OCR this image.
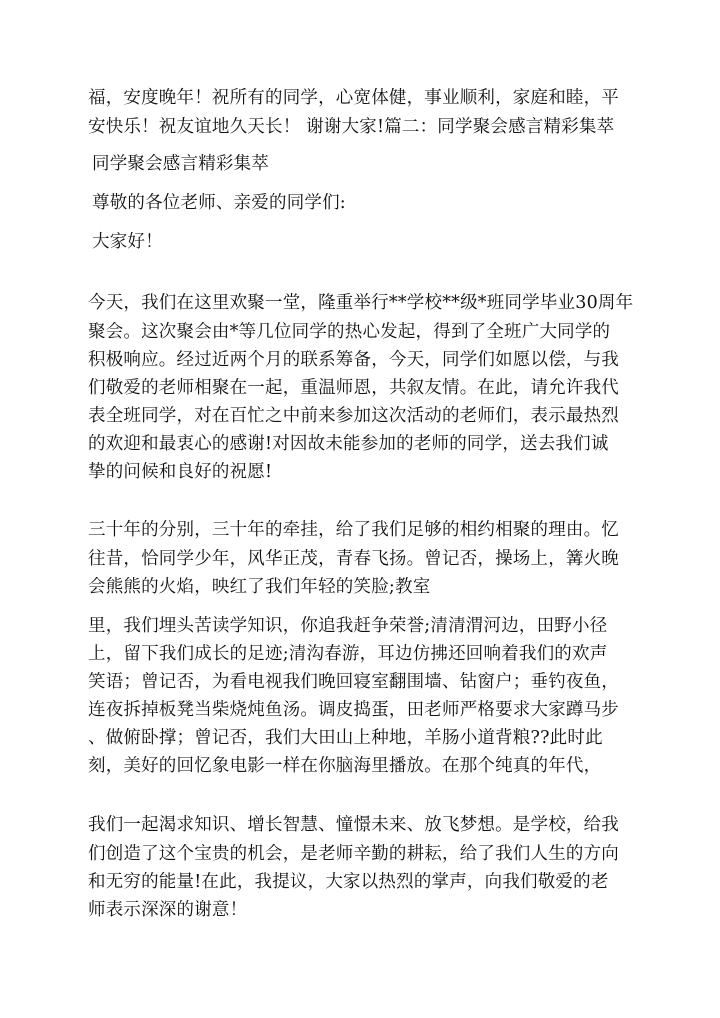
福，安度晚年！祝所有的同学，心宽体健，事业顺利，家庭和睦，平
安快乐！祝友谊地久天长！ 谢谢大家!篇二：同学聚会感言精彩集萃
同学聚会感言精彩集萃
尊敬的各位老师、亲爱的同学们:
大家好！
今天，我们在这里欢聚一堂，隆重举行**学校**级*班同学毕业30周年
聚会。这次聚会由*等几位同学的热心发起，得到了全班广大同学的
积极响应。经过近两个月的联系筹备，今天，同学们如愿以偿，与我
们敬爱的老师相聚在一起，重温师恩，共叙友情。在此，请允许我代
表全班同学，对在百忙之中前来参加这次活动的老师们，表示最热烈
的欢迎和最衷心的感谢!对因故未能参加的老师的同学，送去我们诚
挚的问候和良好的祝愿!
三十年的分别，三十年的牵挂，给了我们足够的相约相聚的理由。忆
往昔，恰同学少年，风华正茂，青春飞扬。曾记否，操场上，篝火晚
会熊熊的火焰，映红了我们年轻的笑脸;教室
里，我们埋头苦读学知识，你追我赶争荣誉;清清渭河边，田野小径
上，留下我们成长的足迹;清沟春游，耳边仿拂还回响着我们的欢声
笑语；曾记否，为看电视我们晚回寝室翻围墙、钻窗户；垂钓夜鱼，
连夜拆掉板凳当柴烧炖鱼汤。调皮捣蛋，田老师严格要求大家蹲马步
、做俯卧撑；曾记否，我们大田山上种地，羊肠小道背粮??此时此
刻，美好的回忆象电影一样在你脑海里播放。在那个纯真的年代，
我们一起渴求知识、增长智慧、憧憬未来、放飞梦想。是学校，给我
们创造了这个宝贵的机会，是老师辛勤的耕耘，给了我们人生的方向
和无穷的能量!在此，我提议，大家以热烈的掌声，向我们敬爱的老
师表示深深的谢意！
